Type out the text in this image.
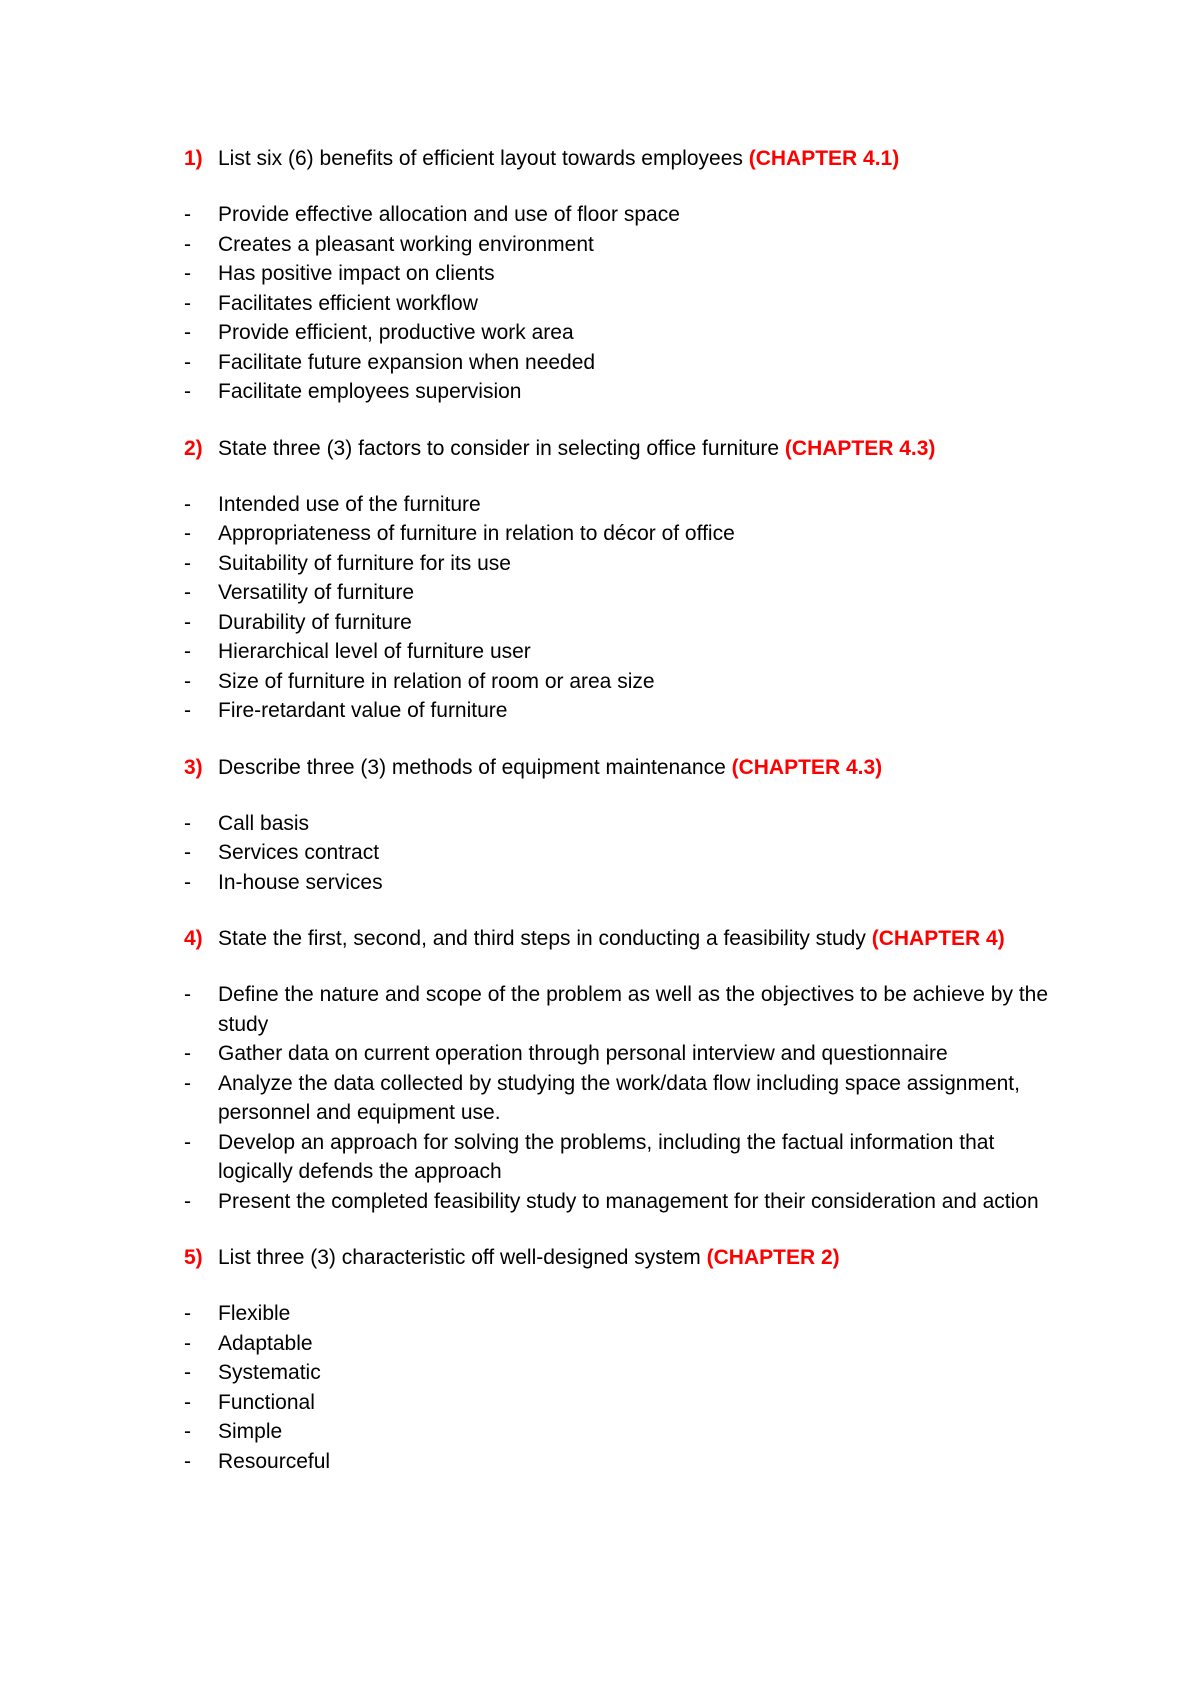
1) List six (6) benefits of efficient layout towards employees (CHAPTER 4.1)
-	Provide effective allocation and use of floor space
-	Creates a pleasant working environment
-	Has positive impact on clients
-	Facilitates efficient workflow
-	Provide efficient, productive work area
-	Facilitate future expansion when needed
-	Facilitate employees supervision
2) State three (3) factors to consider in selecting office furniture (CHAPTER 4.3)
-	Intended use of the furniture
-	Appropriateness of furniture in relation to décor of office
-	Suitability of furniture for its use
-	Versatility of furniture
-	Durability of furniture
-	Hierarchical level of furniture user
-	Size of furniture in relation of room or area size
-	Fire-retardant value of furniture
3) Describe three (3) methods of equipment maintenance (CHAPTER 4.3)
-	Call basis
-	Services contract
-	In-house services
4) State the first, second, and third steps in conducting a feasibility study (CHAPTER 4)
-	Define the nature and scope of the problem as well as the objectives to be achieve by the study
-	Gather data on current operation through personal interview and questionnaire
-	Analyze the data collected by studying the work/data flow including space assignment, personnel and equipment use.
-	Develop an approach for solving the problems, including the factual information that logically defends the approach
-	Present the completed feasibility study to management for their consideration and action
5) List three (3) characteristic off well-designed system (CHAPTER 2)
-	Flexible
-	Adaptable
-	Systematic
-	Functional
-	Simple
-	Resourceful
